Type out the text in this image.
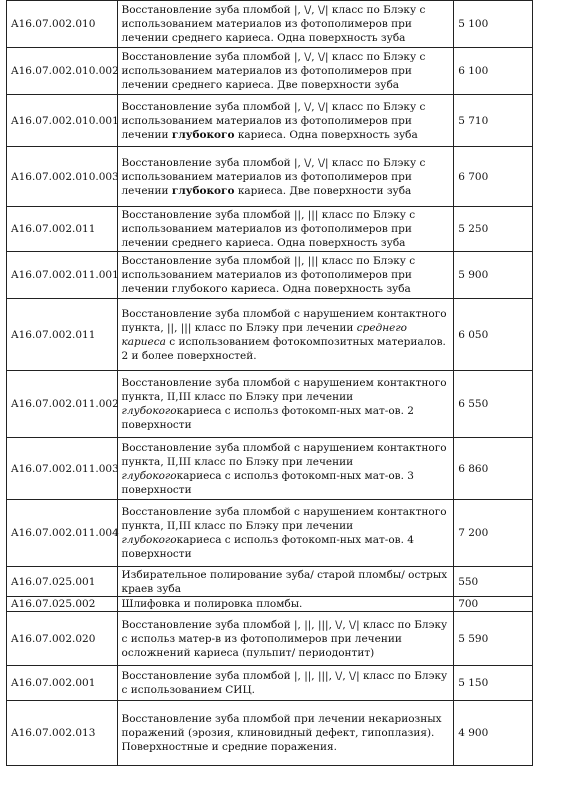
A16.07.002.010	Восстановление зуба пломбой |, \/, \/| класс по Блэку с использованием материалов из фотополимеров при лечении среднего кариеса. Одна поверхность зуба	5 100
A16.07.002.010.002	Восстановление зуба пломбой |, \/, \/| класс по Блэку с использованием материалов из фотополимеров при лечении среднего кариеса. Две поверхности зуба	6 100
A16.07.002.010.001	Восстановление зуба пломбой |, \/, \/| класс по Блэку с использованием материалов из фотополимеров при лечении глубокого кариеса. Одна поверхность зуба	5 710
A16.07.002.010.003	Восстановление зуба пломбой |, \/, \/| класс по Блэку с использованием материалов из фотополимеров при лечении глубокого кариеса. Две поверхности зуба	6 700
A16.07.002.011	Восстановление зуба пломбой ||, ||| класс по Блэку с использованием материалов из фотополимеров при лечении среднего кариеса. Одна поверхность зуба	5 250
A16.07.002.011.001	Восстановление зуба пломбой ||, ||| класс по Блэку с использованием материалов из фотополимеров при лечении глубокого кариеса. Одна поверхность зуба	5 900
A16.07.002.011	Восстановление зуба пломбой с нарушением контактного пункта, ||, ||| класс по Блэку при лечении среднего кариеса с использованием фотокомпозитных материалов. 2 и более поверхностей.	6 050
A16.07.002.011.002	Восстановление зуба пломбой с нарушением контактного пункта, II,III класс по Блэку при лечении глубокогокариеса с использ фотокомп-ных мат-ов. 2 поверхности	6 550
A16.07.002.011.003	Восстановление зуба пломбой с нарушением контактного пункта, II,III класс по Блэку при лечении глубокогокариеса с использ фотокомп-ных мат-ов. 3 поверхности	6 860
A16.07.002.011.004	Восстановление зуба пломбой с нарушением контактного пункта, II,III класс по Блэку при лечении глубокогокариеса с использ фотокомп-ных мат-ов. 4 поверхности	7 200
A16.07.025.001	Избирательное полирование зуба/ старой пломбы/ острых краев зуба	550
A16.07.025.002	Шлифовка и полировка пломбы.	700
A16.07.002.020	Восстановление зуба пломбой |, ||, |||, \/, \/| класс по Блэку с использ матер-в из фотополимеров при лечении осложнений кариеса (пульпит/ периодонтит)	5 590
A16.07.002.001	Восстановление зуба пломбой |, ||, |||, \/, \/| класс по Блэку с использованием СИЦ.	5 150
A16.07.002.013	Восстановление зуба пломбой при лечении некариозных поражений (эрозия, клиновидный дефект, гипоплазия). Поверхностные и средние поражения.	4 900
